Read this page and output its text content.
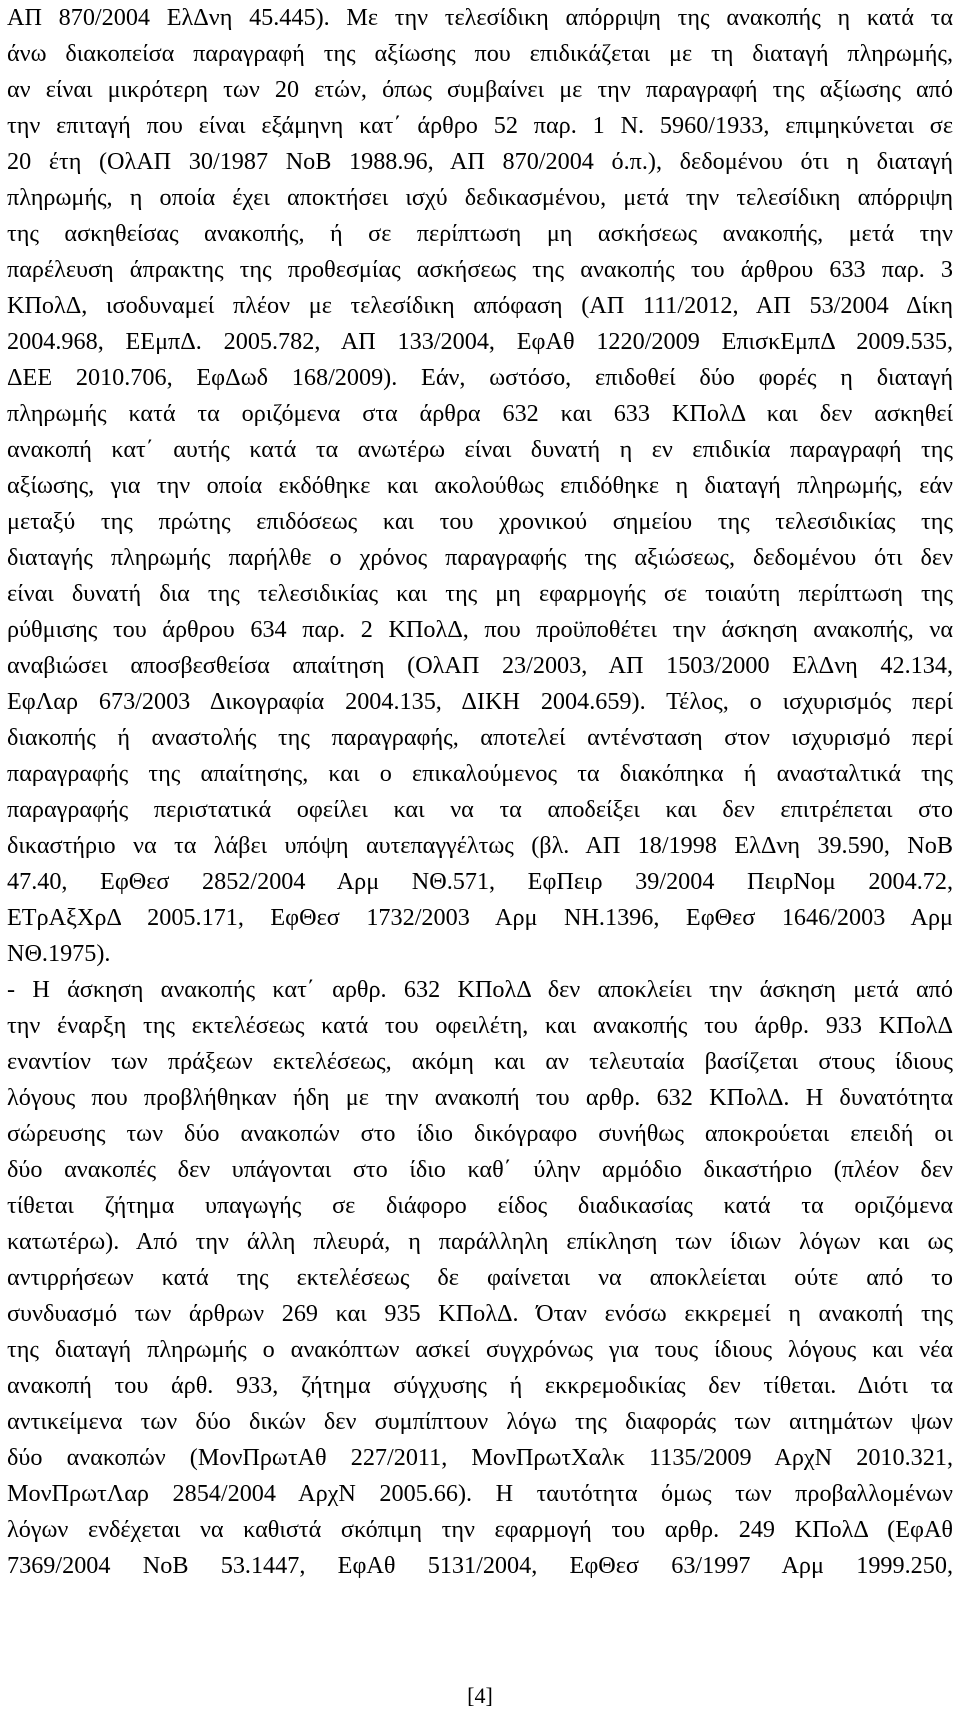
ΑΠ 870/2004 ΕλΔνη 45.445). Με την τελεσίδικη απόρριψη της ανακοπής η κατά τα
άνω διακοπείσα παραγραφή της αξίωσης που επιδικάζεται με τη διαταγή πληρωμής,
αν είναι μικρότερη των 20 ετών, όπως συμβαίνει με την παραγραφή της αξίωσης από
την επιταγή που είναι εξάμηνη κατ΄ άρθρο 52 παρ. 1 Ν. 5960/1933, επιμηκύνεται σε
20 έτη (ΟλΑΠ 30/1987 ΝοΒ 1988.96, ΑΠ 870/2004 ό.π.), δεδομένου ότι η διαταγή
πληρωμής, η οποία έχει αποκτήσει ισχύ δεδικασμένου, μετά την τελεσίδικη απόρριψη
της ασκηθείσας ανακοπής, ή σε περίπτωση μη ασκήσεως ανακοπής, μετά την
παρέλευση άπρακτης της προθεσμίας ασκήσεως της ανακοπής του άρθρου 633 παρ. 3
ΚΠολΔ, ισοδυναμεί πλέον με τελεσίδικη απόφαση (ΑΠ 111/2012, ΑΠ 53/2004 Δίκη
2004.968, ΕΕμπΔ. 2005.782, ΑΠ 133/2004, ΕφΑθ 1220/2009 ΕπισκΕμπΔ 2009.535,
ΔΕΕ 2010.706, ΕφΔωδ 168/2009). Εάν, ωστόσο, επιδοθεί δύο φορές η διαταγή
πληρωμής κατά τα οριζόμενα στα άρθρα 632 και 633 ΚΠολΔ και δεν ασκηθεί
ανακοπή κατ΄ αυτής κατά τα ανωτέρω είναι δυνατή η εν επιδικία παραγραφή της
αξίωσης, για την οποία εκδόθηκε και ακολούθως επιδόθηκε η διαταγή πληρωμής, εάν
μεταξύ της πρώτης επιδόσεως και του χρονικού σημείου της τελεσιδικίας της
διαταγής πληρωμής παρήλθε ο χρόνος παραγραφής της αξιώσεως, δεδομένου ότι δεν
είναι δυνατή δια της τελεσιδικίας και της μη εφαρμογής σε τοιαύτη περίπτωση της
ρύθμισης του άρθρου 634 παρ. 2 ΚΠολΔ, που προϋποθέτει την άσκηση ανακοπής, να
αναβιώσει αποσβεσθείσα απαίτηση (ΟλΑΠ 23/2003, ΑΠ 1503/2000 ΕλΔνη 42.134,
ΕφΛαρ 673/2003 Δικογραφία 2004.135, ΔΙΚΗ 2004.659). Τέλος, ο ισχυρισμός περί
διακοπής ή αναστολής της παραγραφής, αποτελεί αντένσταση στον ισχυρισμό περί
παραγραφής της απαίτησης, και ο επικαλούμενος τα διακόπηκα ή ανασταλτικά της
παραγραφής περιστατικά οφείλει και να τα αποδείξει και δεν επιτρέπεται στο
δικαστήριο να τα λάβει υπόψη αυτεπαγγέλτως (βλ. ΑΠ 18/1998 ΕλΔνη 39.590, ΝοΒ
47.40, ΕφΘεσ 2852/2004 Αρμ ΝΘ.571, ΕφΠειρ 39/2004 ΠειρΝομ 2004.72,
ΕΤρΑξΧρΔ 2005.171, ΕφΘεσ 1732/2003 Αρμ ΝΗ.1396, ΕφΘεσ 1646/2003 Αρμ
ΝΘ.1975).
- Η άσκηση ανακοπής κατ΄ αρθρ. 632 ΚΠολΔ δεν αποκλείει την άσκηση μετά από
την έναρξη της εκτελέσεως κατά του οφειλέτη, και ανακοπής του άρθρ. 933 ΚΠολΔ
εναντίον των πράξεων εκτελέσεως, ακόμη και αν τελευταία βασίζεται στους ίδιους
λόγους που προβλήθηκαν ήδη με την ανακοπή του αρθρ. 632 ΚΠολΔ. Η δυνατότητα
σώρευσης των δύο ανακοπών στο ίδιο δικόγραφο συνήθως αποκρούεται επειδή οι
δύο ανακοπές δεν υπάγονται στο ίδιο καθ΄ ύλην αρμόδιο δικαστήριο (πλέον δεν
τίθεται ζήτημα υπαγωγής σε διάφορο είδος διαδικασίας κατά τα οριζόμενα
κατωτέρω). Από την άλλη πλευρά, η παράλληλη επίκληση των ίδιων λόγων και ως
αντιρρήσεων κατά της εκτελέσεως δε φαίνεται να αποκλείεται ούτε από το
συνδυασμό των άρθρων 269 και 935 ΚΠολΔ. Όταν ενόσω εκκρεμεί η ανακοπή της
της διαταγή πληρωμής ο ανακόπτων ασκεί συγχρόνως για τους ίδιους λόγους και νέα
ανακοπή του άρθ. 933, ζήτημα σύγχυσης ή εκκρεμοδικίας δεν τίθεται. Διότι τα
αντικείμενα των δύο δικών δεν συμπίπτουν λόγω της διαφοράς των αιτημάτων ψων
δύο ανακοπών (ΜονΠρωτΑθ 227/2011, ΜονΠρωτΧαλκ 1135/2009 ΑρχΝ 2010.321,
ΜονΠρωτΛαρ 2854/2004 ΑρχΝ 2005.66). Η ταυτότητα όμως των προβαλλομένων
λόγων ενδέχεται να καθιστά σκόπιμη την εφαρμογή του αρθρ. 249 ΚΠολΔ (ΕφΑθ
7369/2004 ΝοΒ 53.1447, ΕφΑθ 5131/2004, ΕφΘεσ 63/1997 Αρμ 1999.250,
[4]
